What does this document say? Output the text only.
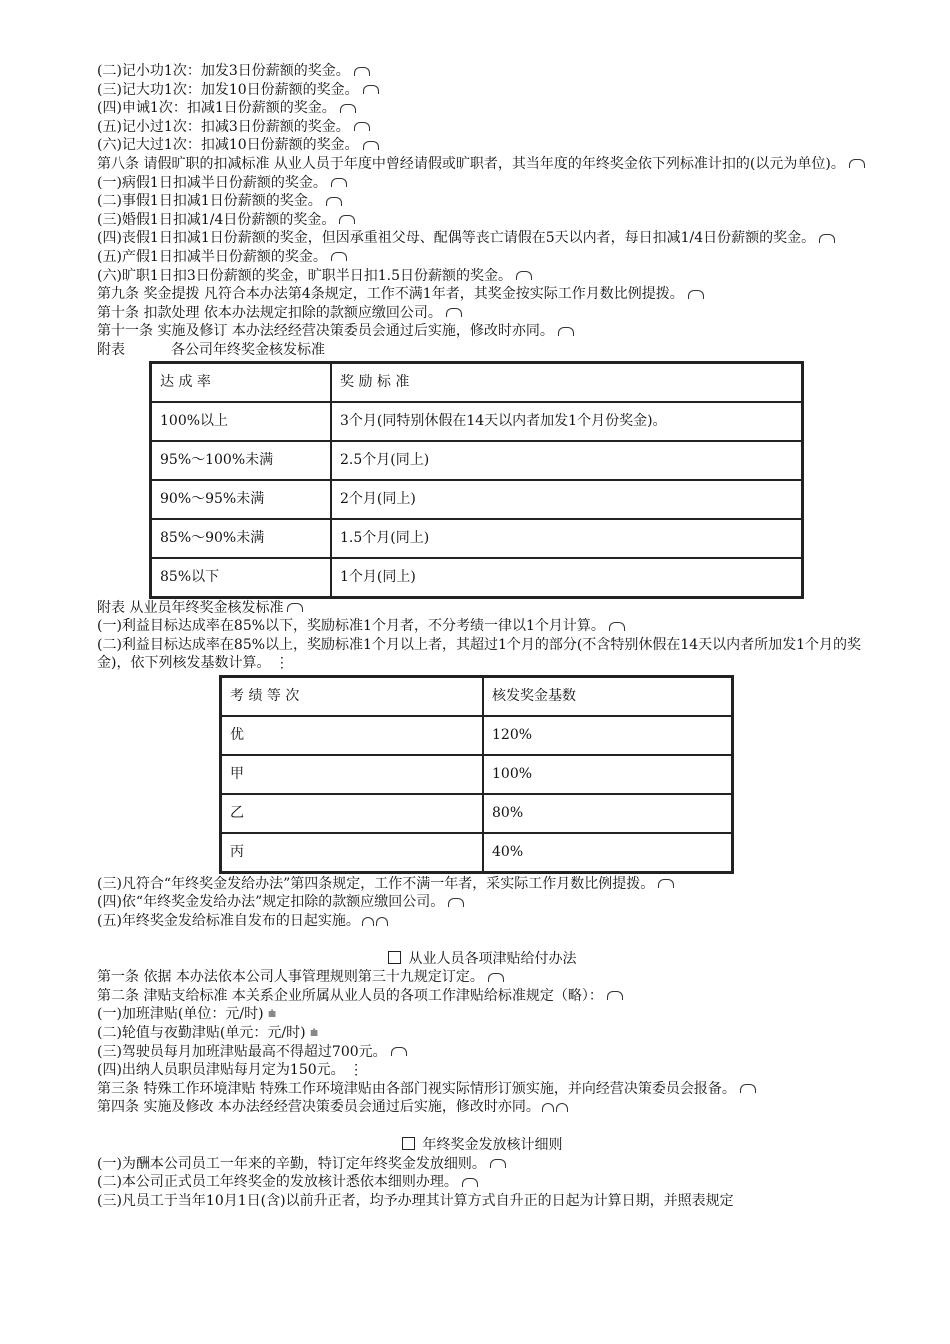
(二)记小功1次：加发3日份薪额的奖金。
(三)记大功1次：加发10日份薪额的奖金。
(四)申诫1次：扣减1日份薪额的奖金。
(五)记小过1次：扣减3日份薪额的奖金。
(六)记大过1次：扣减10日份薪额的奖金。
第八条 请假旷职的扣减标准 从业人员于年度中曾经请假或旷职者，其当年度的年终奖金依下列标准计扣的(以元为单位)。
(一)病假1日扣减半日份薪额的奖金。
(二)事假1日扣减1日份薪额的奖金。
(三)婚假1日扣减1/4日份薪额的奖金。
(四)丧假1日扣减1日份薪额的奖金，但因承重祖父母、配偶等丧亡请假在5天以内者，每日扣减1/4日份薪额的奖金。
(五)产假1日扣减半日份薪额的奖金。
(六)旷职1日扣3日份薪额的奖金，旷职半日扣1.5日份薪额的奖金。
第九条 奖金提拨 凡符合本办法第4条规定，工作不满1年者，其奖金按实际工作月数比例提拨。
第十条 扣款处理 依本办法规定扣除的款额应缴回公司。
第十一条 实施及修订 本办法经经营决策委员会通过后实施，修改时亦同。
附表	各公司年终奖金核发标准
达 成 率	奖 励 标 准
100%以上	3个月(同特别休假在14天以内者加发1个月份奖金)。
95%～100%未满	2.5个月(同上)
90%～95%未满	2个月(同上)
85%～90%未满	1.5个月(同上)
85%以下	1个月(同上)
附表 从业员年终奖金核发标准
(一)利益目标达成率在85%以下，奖励标准1个月者，不分考绩一律以1个月计算。
(二)利益目标达成率在85%以上，奖励标准1个月以上者，其超过1个月的部分(不含特别休假在14天以内者所加发1个月的奖金)，依下列核发基数计算。 ⋮
考 绩 等 次	核发奖金基数
优	120%
甲	100%
乙	80%
丙	40%
(三)凡符合“年终奖金发给办法”第四条规定，工作不满一年者，采实际工作月数比例提拨。
(四)依“年终奖金发给办法”规定扣除的款额应缴回公司。
(五)年终奖金发给标准自发布的日起实施。
从业人员各项津贴给付办法
第一条 依据 本办法依本公司人事管理规则第三十九规定订定。
第二条 津贴支给标准 本关系企业所属从业人员的各项工作津贴给标准规定（略）：
(一)加班津贴(单位：元/时) ⩧
(二)轮值与夜勤津贴(单元：元/时) ⩧
(三)驾驶员每月加班津贴最高不得超过700元。
(四)出纳人员职员津贴每月定为150元。 ⋮
第三条 特殊工作环境津贴 特殊工作环境津贴由各部门视实际情形订颁实施，并向经营决策委员会报备。
第四条 实施及修改 本办法经经营决策委员会通过后实施，修改时亦同。
年终奖金发放核计细则
(一)为酬本公司员工一年来的辛勤，特订定年终奖金发放细则。
(二)本公司正式员工年终奖金的发放核计悉依本细则办理。
(三)凡员工于当年10月1日(含)以前升正者，均予办理其计算方式自升正的日起为计算日期，并照表规定
